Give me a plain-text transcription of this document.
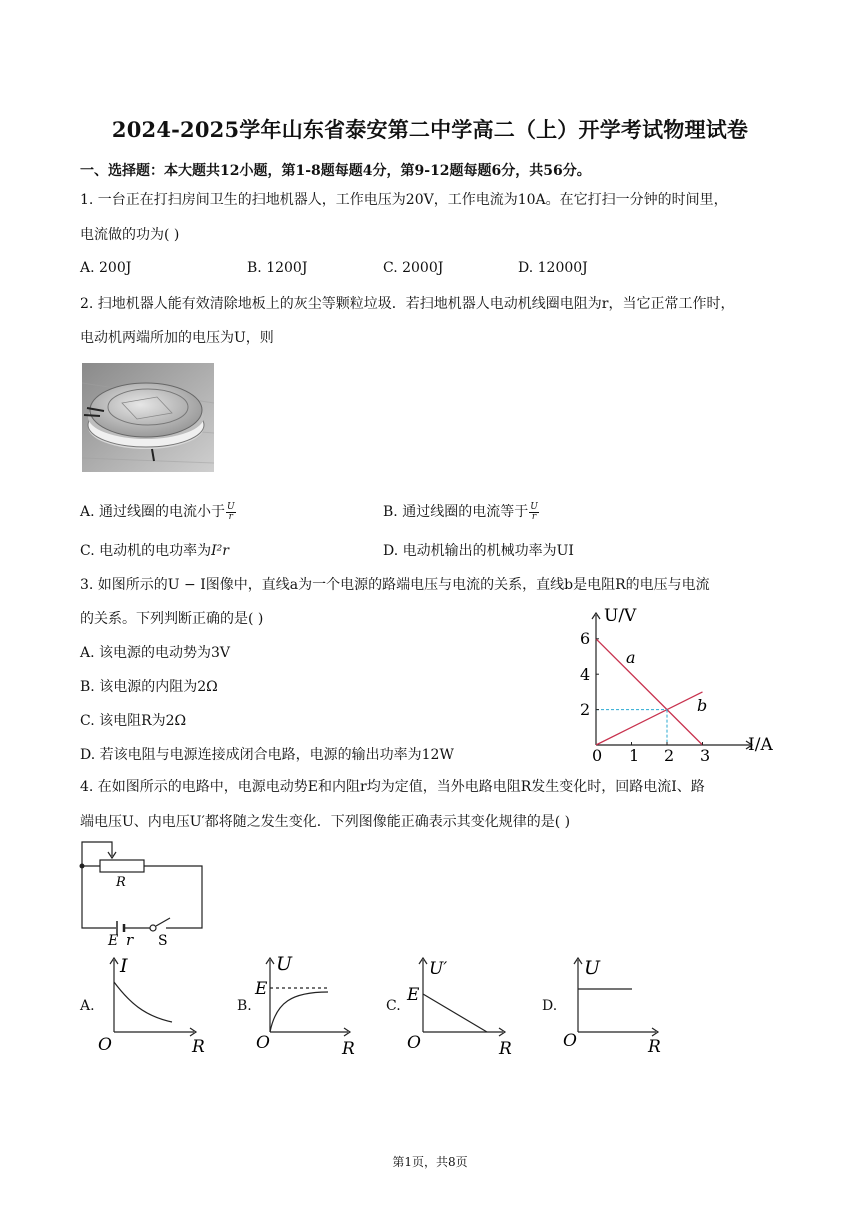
2024-2025学年山东省泰安第二中学高二（上）开学考试物理试卷
一、选择题：本大题共12小题，第1-8题每题4分，第9-12题每题6分，共56分。
1. 一台正在打扫房间卫生的扫地机器人，工作电压为20V，工作电流为10A。在它打扫一分钟的时间里，
电流做的功为( )
A. 200J	B. 1200J	C. 2000J	D. 12000J
2. 扫地机器人能有效清除地板上的灰尘等颗粒垃圾．若扫地机器人电动机线圈电阻为r，当它正常工作时，
电动机两端所加的电压为U，则
A. 通过线圈的电流小于 $\frac{U}{r}$	B. 通过线圈的电流等于 $\frac{U}{r}$
C. 电动机的电功率为I²r	D. 电动机输出的机械功率为UI
3. 如图所示的U − I图像中，直线a为一个电源的路端电压与电流的关系，直线b是电阻R的电压与电流
的关系。下列判断正确的是( )
A. 该电源的电动势为3V
B. 该电源的内阻为2Ω
C. 该电阻R为2Ω
D. 若该电阻与电源连接成闭合电路，电源的输出功率为12W
U/V
I/A
6
4
2
0 1 2 3
a
b
4. 在如图所示的电路中，电源电动势E和内阻r均为定值，当外电路电阻R发生变化时，回路电流I、路
端电压U、内电压U′都将随之发生变化．下列图像能正确表示其变化规律的是( )
R
E r S
A.
I
O	R
B.
U
E
O	R
C.
U′
E
O	R
D.
U
O	R
第1页，共8页
